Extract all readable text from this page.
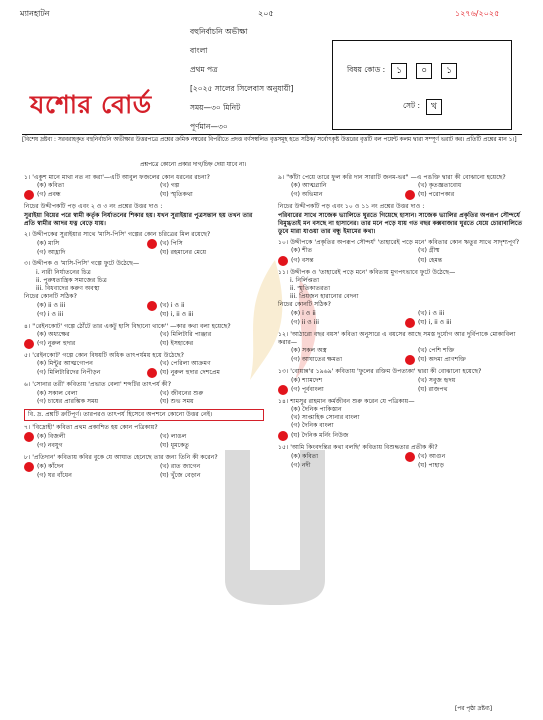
ম্যানহাটন	২০৫	১২৭৬/২০২৫
বহুনির্বাচনি অভীক্ষা
বাংলা
প্রথম পত্র
[২০২৫ সালের সিলেবাস অনুযায়ী]
সময়—৩০ মিনিট
পূর্ণমান—৩০
যশোর বোর্ড
বিষয় কোড :	১	০	১
সেট :	খ
[বিশেষ দ্রষ্টব্য : সরবরাহকৃত বহুনির্বাচনি অভীক্ষার উত্তরপত্রে প্রশ্নের ক্রমিক নম্বরের বিপরীতে প্রদত্ত বর্ণসম্বলিত বৃত্তসমূহ হতে সঠিক/ সর্বোৎকৃষ্ট উত্তরের বৃত্তটি বল পয়েন্ট কলম দ্বারা সম্পূর্ণ ভরাট কর। প্রতিটি প্রশ্নের মান ১।]
প্রশ্নপত্রে কোনো প্রকার দাগ/চিহ্ন দেয়া যাবে না।
১। 'একুশ মানে মাথা নত না করা'—এটি আবুল ফজলের কোন ধরনের রচনা?
(ক) কবিতা	(খ) গল্প
(গ) প্রবন্ধ	(ঘ) স্মৃতিকথা
নিচের উদ্দীপকটি পড় এবং ২ ও ৩ নং প্রশ্নের উত্তর দাও :
সুরাইয়া বিয়ের পরে স্বামী কর্তৃক নির্যাতনের শিকার হয়। যখন সুরাইয়ার পুত্রসন্তান হয় তখন তার প্রতি স্বামীর আদর যত্ন বেড়ে যায়।
২। উদ্দীপকের সুরাইয়ার সাথে 'মাসি-পিসি' গল্পের কোন চরিত্রের মিল রয়েছে?
(ক) মাসি	(খ) পিসি
(গ) আহ্লাদি	(ঘ) রহমানের মেয়ে
৩। উদ্দীপক ও 'মাসি-পিসি' গল্পে ফুটে উঠেছে—
i. নারী নির্যাতনের চিত্র
ii. পুরুষতান্ত্রিক সমাজের চিত্র
iii. বিধবাদের করুণ অবস্থা
নিচের কোনটি সঠিক?
(ক) ii ও iii	(খ) i ও ii
(গ) i ও iii	(ঘ) i, ii ও iii
৪। ''রেইনকোট' গল্পে ঠোঁটে তার একটু হাসি বিছানো থাকে'' —কার কথা বলা হয়েছে?
(ক) অধ্যক্ষের	(খ) মিলিটারি পাঞ্জার
(গ) নুরুল হুদার	(ঘ) ইসহাকের
৫। 'রেইনকোট' গল্পে কোন বিষয়টি অধিক তাৎপর্যময় হয়ে উঠেছে?
(ক) মিন্টুর আত্মগোপন	(খ) পেরিলা আক্রমণ
(গ) মিলিটারিদের নিপীড়ন	(ঘ) নুরুল হুদার দেশপ্রেম
৬। 'সোনার তরী' কবিতায় 'প্রভাত বেলা' শব্দটির তাৎপর্য কী?
(ক) সকাল বেলা	(খ) জীবনের শুরু
(গ) চাষের প্রারম্ভিক সময়	(ঘ) শুভ সময়
বি. দ্র. প্রশ্নটি ক্রটিপূর্ণ। তারপরও তাৎপর্য হিসেবে অপশনে কোনো উত্তর নেই।
৭। 'বিদ্রোহী' কবিতা প্রথম প্রকাশিত হয় কোন পত্রিকায়?
(ক) বিজলী	(খ) লাঙল
(গ) নবযুগ	(ঘ) ধূমকেতু
৮। 'প্রতিদান' কবিতায় কবির বুকে যে আঘাত হেনেছে তার জন্য তিনি কী করেন?
(ক) কাঁদেন	(খ) রাত জাগেন
(গ) ঘর বাঁধেন	(ঘ) খুঁজে বেড়ান
৯। "কাঁটা পেয়ে তারে ফুল করি দান সারাটি জনম-ভর" —এ পঙক্তি দ্বারা কী বোঝানো হয়েছে?
(ক) আত্মগ্লানি	(খ) কৃতজ্ঞতাবোধ
(গ) অভিমান	(ঘ) পরোপকার
নিচের উদ্দীপকটি পড় এবং ১০ ও ১১ নং প্রশ্নের উত্তর দাও :
পরিবারের সাথে সাজেক ভ্যালিতে ঘুরতে গিয়েছে হাসান। সাজেক ভ্যালির প্রকৃতির অপরূপ সৌন্দর্যে বিমুগ্ধতাই মন বসছে না হাসানের। তার মনে পড়ে যায় গত বছর কক্সবাজার ঘুরতে যেয়ে চোরাবালিতে ডুবে মারা যাওয়া তার বন্ধু ইমামের কথা।
১০। উদ্দীপকে 'প্রকৃতির অপরূপ সৌন্দর্য' 'তাহারেই পড়ে মনে' কবিতার কোন ঋতুর সাথে সাদৃশ্যপূর্ণ?
(ক) শীত	(খ) গ্রীষ্ম
(গ) বসন্ত	(ঘ) হেমন্ত
১১। উদ্দীপক ও 'তাহারেই পড়ে মনে' কবিতায় মুগপৎভাবে ফুটে উঠেছে—
i. নির্লিপ্ততা
ii. স্মৃতিকাতরতা
iii. প্রিয়জন হারানোর বেদনা
নিচের কোনটি সঠিক?
(ক) i ও ii	(খ) i ও iii
(গ) ii ও iii	(ঘ) i, ii ও iii
১২। 'আঠারো বছর বয়স' কবিতা অনুসারে এ বয়সের আছে সমস্ত দুর্যোগ আর দুর্বিপাকে মোকাবিলা করার—
(ক) সকল অস্ত্র	(খ) পেশি শক্তি
(গ) আঘাতের ক্ষমতা	(ঘ) অদম্য প্রাণশক্তি
১৩। 'বোয়ান্ন'র ১৯৬৯' কবিতায় 'ফুলের রক্তিম উপত্যকা' দ্বারা কী বোঝানো হয়েছে?
(ক) শ্যামদেশ	(খ) সবুজ হৃদয়
(গ) পূর্ববাংলা	(ঘ) রাজপথ
১৪। শামসুর রাহমান কর্মজীবন শুরু করেন যে পত্রিকায়—
(ক) দৈনিক পাকিস্তান
(খ) সাপ্তাহিক সোনার বাংলা
(গ) দৈনিক বাংলা
(ঘ) দৈনিক মর্নিং নিউজ
১৫। 'আমি কিংবদন্তির কথা বলছি' কবিতায় বিশুদ্ধতার প্রতীক কী?
(ক) কবিতা	(খ) আগুন
(গ) নদী	(ঘ) পাহাড়
[পর পৃষ্ঠা দ্রষ্টব্য]
